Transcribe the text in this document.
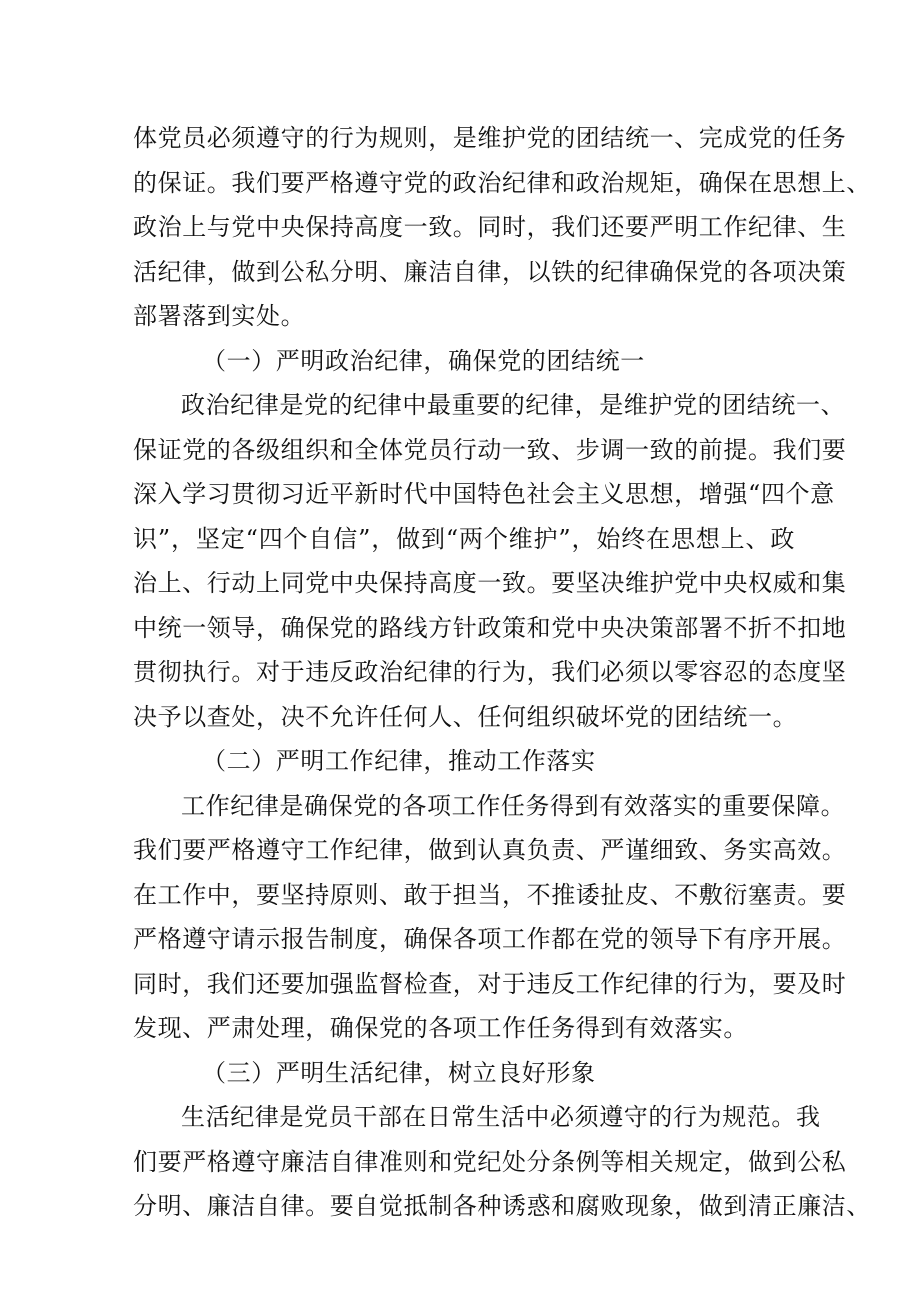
体党员必须遵守的行为规则，是维护党的团结统一、完成党的任务
的保证。我们要严格遵守党的政治纪律和政治规矩，确保在思想上、
政治上与党中央保持高度一致。同时，我们还要严明工作纪律、生
活纪律，做到公私分明、廉洁自律，以铁的纪律确保党的各项决策
部署落到实处。
（一）严明政治纪律，确保党的团结统一
政治纪律是党的纪律中最重要的纪律，是维护党的团结统一、
保证党的各级组织和全体党员行动一致、步调一致的前提。我们要
深入学习贯彻习近平新时代中国特色社会主义思想，增强“四个意
识”，坚定“四个自信”，做到“两个维护”，始终在思想上、政
治上、行动上同党中央保持高度一致。要坚决维护党中央权威和集
中统一领导，确保党的路线方针政策和党中央决策部署不折不扣地
贯彻执行。对于违反政治纪律的行为，我们必须以零容忍的态度坚
决予以查处，决不允许任何人、任何组织破坏党的团结统一。
（二）严明工作纪律，推动工作落实
工作纪律是确保党的各项工作任务得到有效落实的重要保障。
我们要严格遵守工作纪律，做到认真负责、严谨细致、务实高效。
在工作中，要坚持原则、敢于担当，不推诿扯皮、不敷衍塞责。要
严格遵守请示报告制度，确保各项工作都在党的领导下有序开展。
同时，我们还要加强监督检查，对于违反工作纪律的行为，要及时
发现、严肃处理，确保党的各项工作任务得到有效落实。
（三）严明生活纪律，树立良好形象
生活纪律是党员干部在日常生活中必须遵守的行为规范。我
们要严格遵守廉洁自律准则和党纪处分条例等相关规定，做到公私
分明、廉洁自律。要自觉抵制各种诱惑和腐败现象，做到清正廉洁、
